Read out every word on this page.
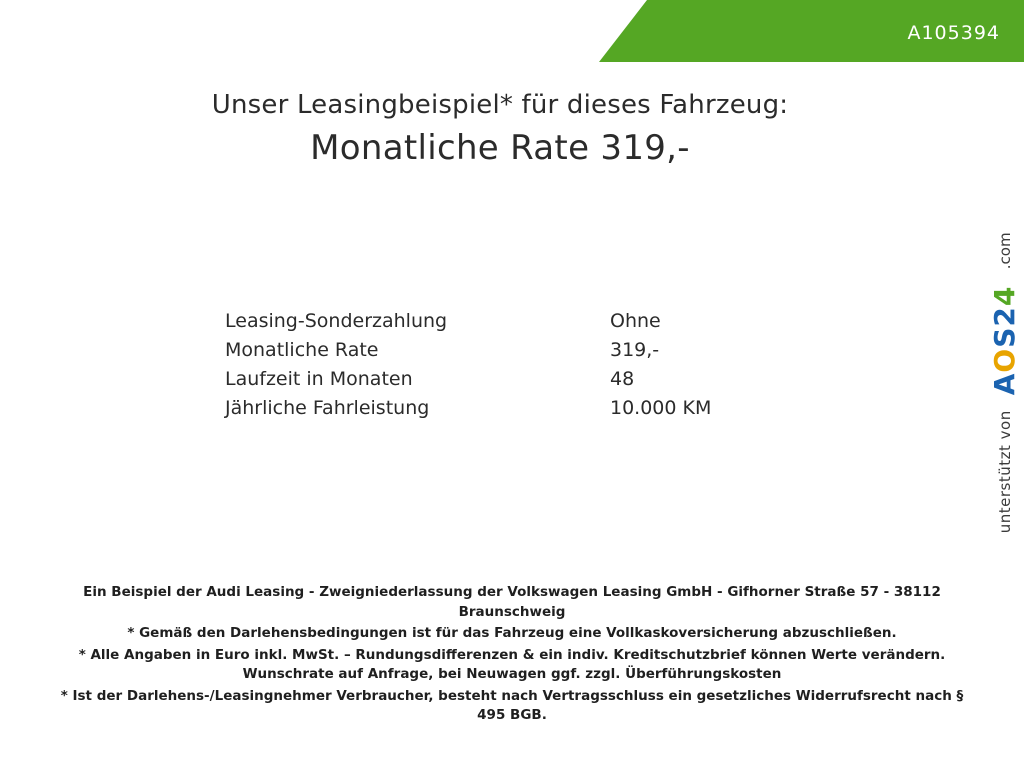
FESER GRAF	A105394
Unser Leasingbeispiel* für dieses Fahrzeug:
Monatliche Rate 319,-
Leasing-Sonderzahlung	Ohne
Monatliche Rate	319,-
Laufzeit in Monaten	48
Jährliche Fahrleistung	10.000 KM

Ein Beispiel der Audi Leasing - Zweigniederlassung der Volkswagen Leasing GmbH - Gifhorner Straße 57 - 38112 Braunschweig

* Gemäß den Darlehensbedingungen ist für das Fahrzeug eine Vollkaskoversicherung abzuschließen.

* Alle Angaben in Euro inkl. MwSt. – Rundungsdifferenzen & ein indiv. Kreditschutzbrief können Werte verändern. Wunschrate auf Anfrage, bei Neuwagen ggf. zzgl. Überführungskosten

* Ist der Darlehens-/Leasingnehmer Verbraucher, besteht nach Vertragsschluss ein gesetzliches Widerrufsrecht nach § 495 BGB.

unterstützt von AOS24 .com
